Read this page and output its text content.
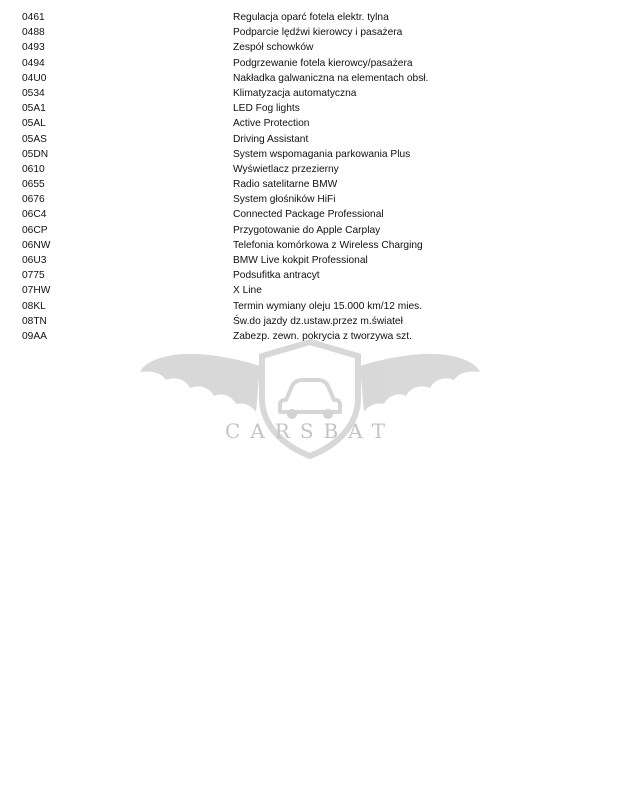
0461	Regulacja oparć fotela elektr. tylna
0488	Podparcie lędźwi kierowcy i pasażera
0493	Zespół schowków
0494	Podgrzewanie fotela kierowcy/pasażera
04U0	Nakładka galwaniczna na elementach obsł.
0534	Klimatyzacja automatyczna
05A1	LED Fog lights
05AL	Active Protection
05AS	Driving Assistant
05DN	System wspomagania parkowania Plus
0610	Wyświetlacz przezierny
0655	Radio satelitarne BMW
0676	System głośników HiFi
06C4	Connected Package Professional
06CP	Przygotowanie do Apple Carplay
06NW	Telefonia komórkowa z Wireless Charging
06U3	BMW Live kokpit Professional
0775	Podsufitka antracyt
07HW	X Line
08KL	Termin wymiany oleju 15.000 km/12 mies.
08TN	Św.do jazdy dz.ustaw.przez m.świateł
09AA	Zabezp. zewn. pokrycia z tworzywa szt.
CARSBAT
